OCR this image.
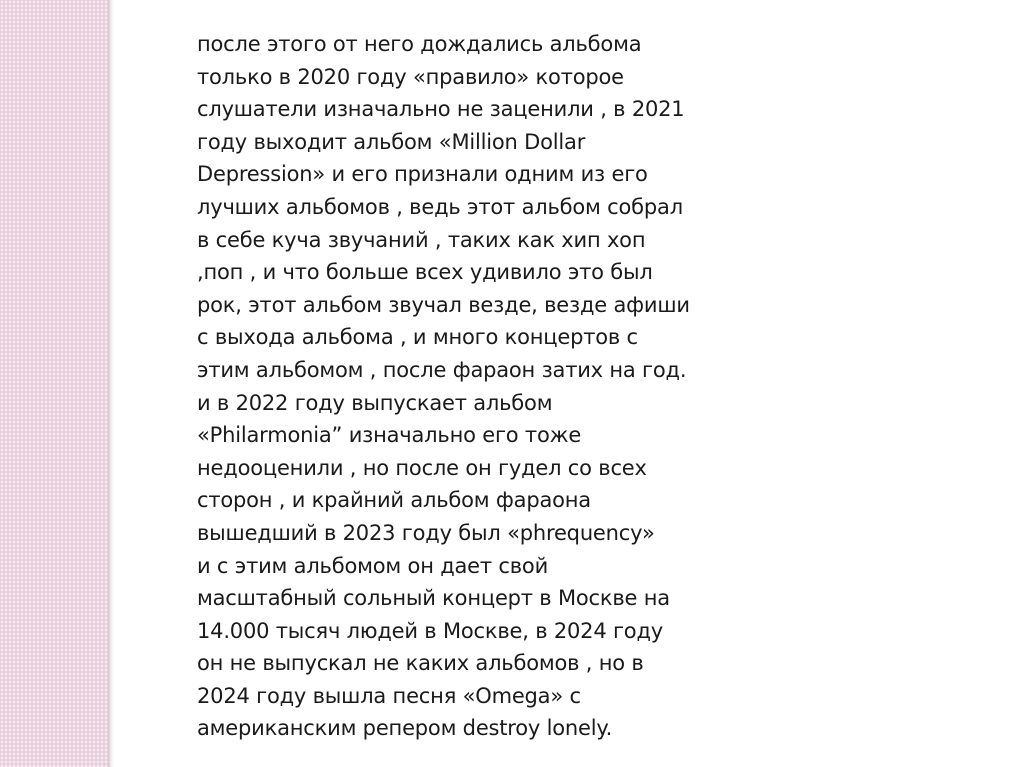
после этого от него дождались альбома
только в 2020 году «правило» которое
слушатели изначально не заценили , в 2021
году выходит альбом «Million Dollar
Depression» и его признали одним из его
лучших альбомов , ведь этот альбом собрал
в себе куча звучаний , таких как хип хоп
,поп , и что больше всех удивило это был
рок, этот альбом звучал везде, везде афиши
с выхода альбома , и много концертов с
этим альбомом , после фараон затих на год.
и в 2022 году выпускает альбом
«Philarmonia” изначально его тоже
недооценили , но после он гудел со всех
сторон , и крайний альбом фараона
вышедший в 2023 году был «phrequency»
и с этим альбомом он дает свой
масштабный сольный концерт в Москве на
14.000 тысяч людей в Москве, в 2024 году
он не выпускал не каких альбомов , но в
2024 году вышла песня «Omega» с
американским репером destroy lonely.
